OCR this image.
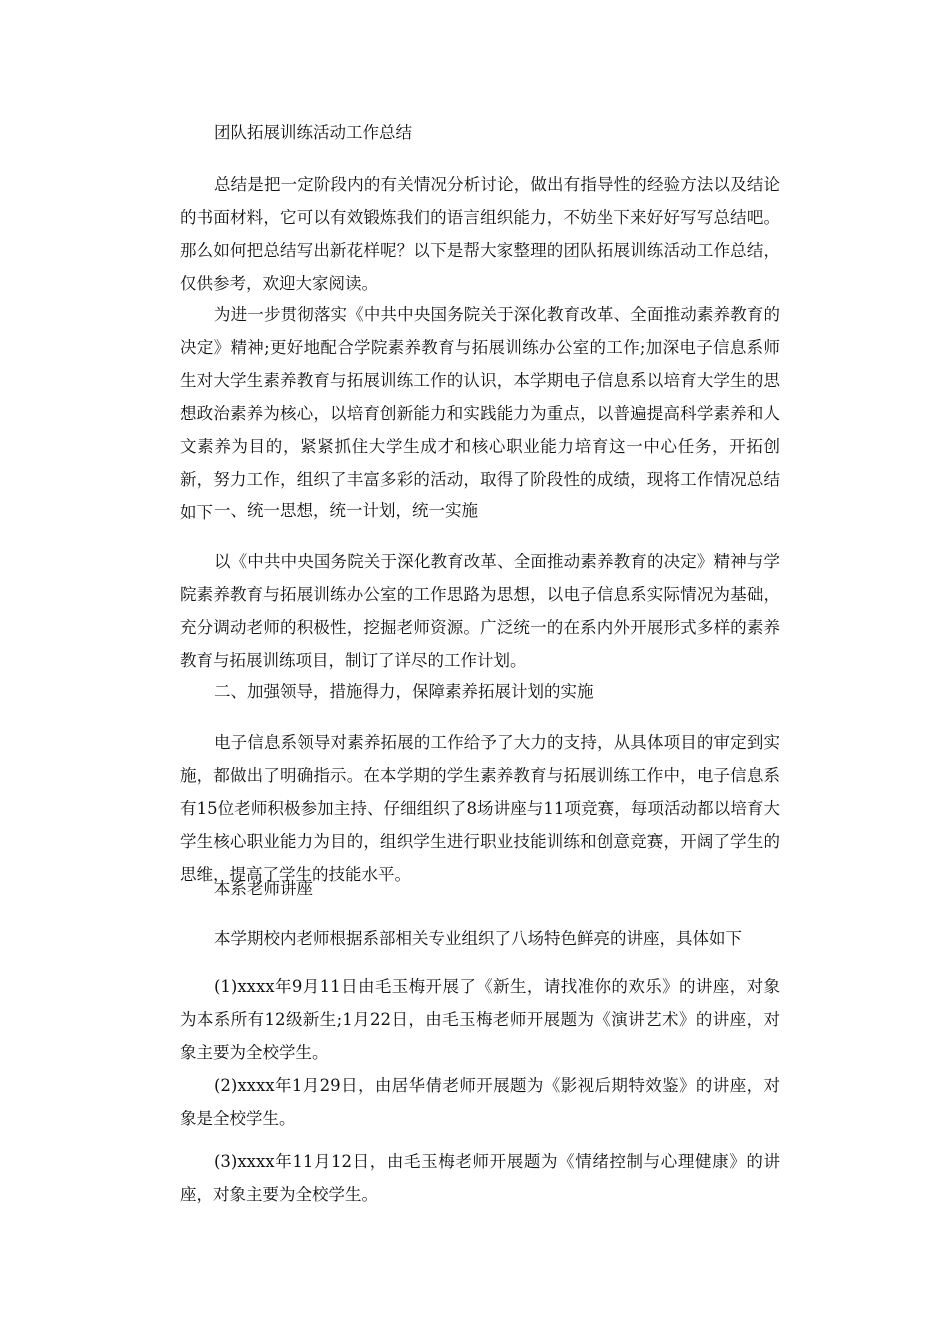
团队拓展训练活动工作总结
总结是把一定阶段内的有关情况分析讨论，做出有指导性的经验方法以及结论的书面材料，它可以有效锻炼我们的语言组织能力，不妨坐下来好好写写总结吧。那么如何把总结写出新花样呢？以下是帮大家整理的团队拓展训练活动工作总结，仅供参考，欢迎大家阅读。
为进一步贯彻落实《中共中央国务院关于深化教育改革、全面推动素养教育的决定》精神;更好地配合学院素养教育与拓展训练办公室的工作;加深电子信息系师生对大学生素养教育与拓展训练工作的认识，本学期电子信息系以培育大学生的思想政治素养为核心，以培育创新能力和实践能力为重点，以普遍提高科学素养和人文素养为目的，紧紧抓住大学生成才和核心职业能力培育这一中心任务，开拓创新，努力工作，组织了丰富多彩的活动，取得了阶段性的成绩，现将工作情况总结如下 一、统一思想，统一计划，统一实施
以《中共中央国务院关于深化教育改革、全面推动素养教育的决定》精神与学院素养教育与拓展训练办公室的工作思路为思想，以电子信息系实际情况为基础，充分调动老师的积极性，挖掘老师资源。广泛统一的在系内外开展形式多样的素养教育与拓展训练项目，制订了详尽的工作计划。
二、加强领导，措施得力，保障素养拓展计划的实施
电子信息系领导对素养拓展的工作给予了大力的支持，从具体项目的审定到实施，都做出了明确指示。在本学期的学生素养教育与拓展训练工作中，电子信息系有15位老师积极参加主持、仔细组织了8场讲座与11项竞赛，每项活动都以培育大学生核心职业能力为目的，组织学生进行职业技能训练和创意竞赛，开阔了学生的思维，提高了学生的技能水平。
本系老师讲座
本学期校内老师根据系部相关专业组织了八场特色鲜亮的讲座，具体如下
(1)xxxx年9月11日由毛玉梅开展了《新生，请找准你的欢乐》的讲座，对象为本系所有12级新生;1月22日，由毛玉梅老师开展题为《演讲艺术》的讲座，对象主要为全校学生。
(2)xxxx年1月29日，由居华倩老师开展题为《影视后期特效鉴》的讲座，对象是全校学生。
(3)xxxx年11月12日，由毛玉梅老师开展题为《情绪控制与心理健康》的讲座，对象主要为全校学生。
